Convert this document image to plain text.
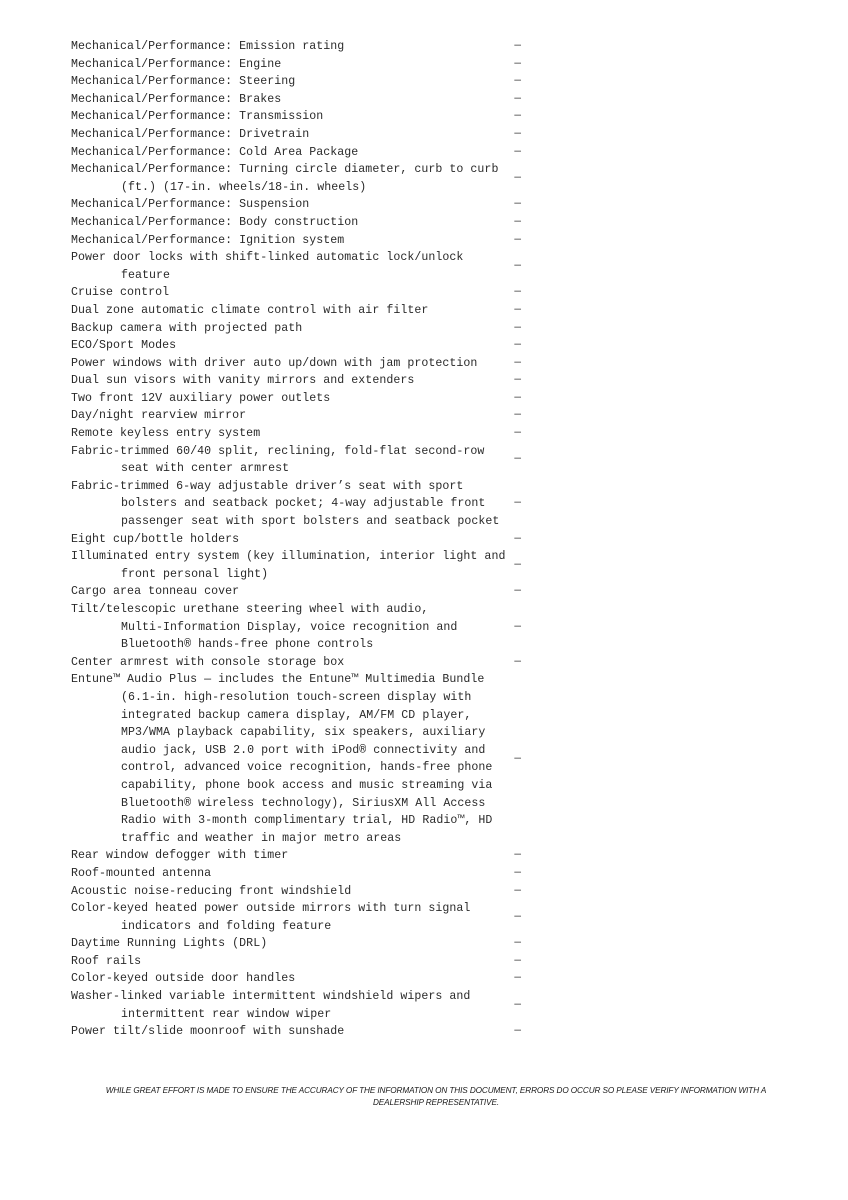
Mechanical/Performance: Emission rating	—
Mechanical/Performance: Engine	—
Mechanical/Performance: Steering	—
Mechanical/Performance: Brakes	—
Mechanical/Performance: Transmission	—
Mechanical/Performance: Drivetrain	—
Mechanical/Performance: Cold Area Package	—
Mechanical/Performance: Turning circle diameter, curb to curb
(ft.) (17-in. wheels/18-in. wheels)
—
Mechanical/Performance: Suspension	—
Mechanical/Performance: Body construction	—
Mechanical/Performance: Ignition system	—
Power door locks with shift-linked automatic lock/unlock
feature
—
Cruise control	—
Dual zone automatic climate control with air filter	—
Backup camera with projected path	—
ECO/Sport Modes	—
Power windows with driver auto up/down with jam protection	—
Dual sun visors with vanity mirrors and extenders	—
Two front 12V auxiliary power outlets	—
Day/night rearview mirror	—
Remote keyless entry system	—
Fabric-trimmed 60/40 split, reclining, fold-flat second-row
seat with center armrest
—
Fabric-trimmed 6-way adjustable driver’s seat with sport
bolsters and seatback pocket; 4-way adjustable front
passenger seat with sport bolsters and seatback pocket
—
Eight cup/bottle holders	—
Illuminated entry system (key illumination, interior light and
front personal light)
—
Cargo area tonneau cover	—
Tilt/telescopic urethane steering wheel with audio,
Multi-Information Display, voice recognition and
Bluetooth® hands-free phone controls
—
Center armrest with console storage box	—
Entune™ Audio Plus — includes the Entune™ Multimedia Bundle
(6.1-in. high-resolution touch-screen display with
integrated backup camera display, AM/FM CD player,
MP3/WMA playback capability, six speakers, auxiliary
audio jack, USB 2.0 port with iPod® connectivity and
control, advanced voice recognition, hands-free phone
capability, phone book access and music streaming via
Bluetooth® wireless technology), SiriusXM All Access
Radio with 3-month complimentary trial, HD Radio™, HD
traffic and weather in major metro areas
—
Rear window defogger with timer	—
Roof-mounted antenna	—
Acoustic noise-reducing front windshield	—
Color-keyed heated power outside mirrors with turn signal
indicators and folding feature
—
Daytime Running Lights (DRL)	—
Roof rails	—
Color-keyed outside door handles	—
Washer-linked variable intermittent windshield wipers and
intermittent rear window wiper
—
Power tilt/slide moonroof with sunshade	—
WHILE GREAT EFFORT IS MADE TO ENSURE THE ACCURACY OF THE INFORMATION ON THIS DOCUMENT, ERRORS DO OCCUR SO PLEASE VERIFY INFORMATION WITH A
DEALERSHIP REPRESENTATIVE.
